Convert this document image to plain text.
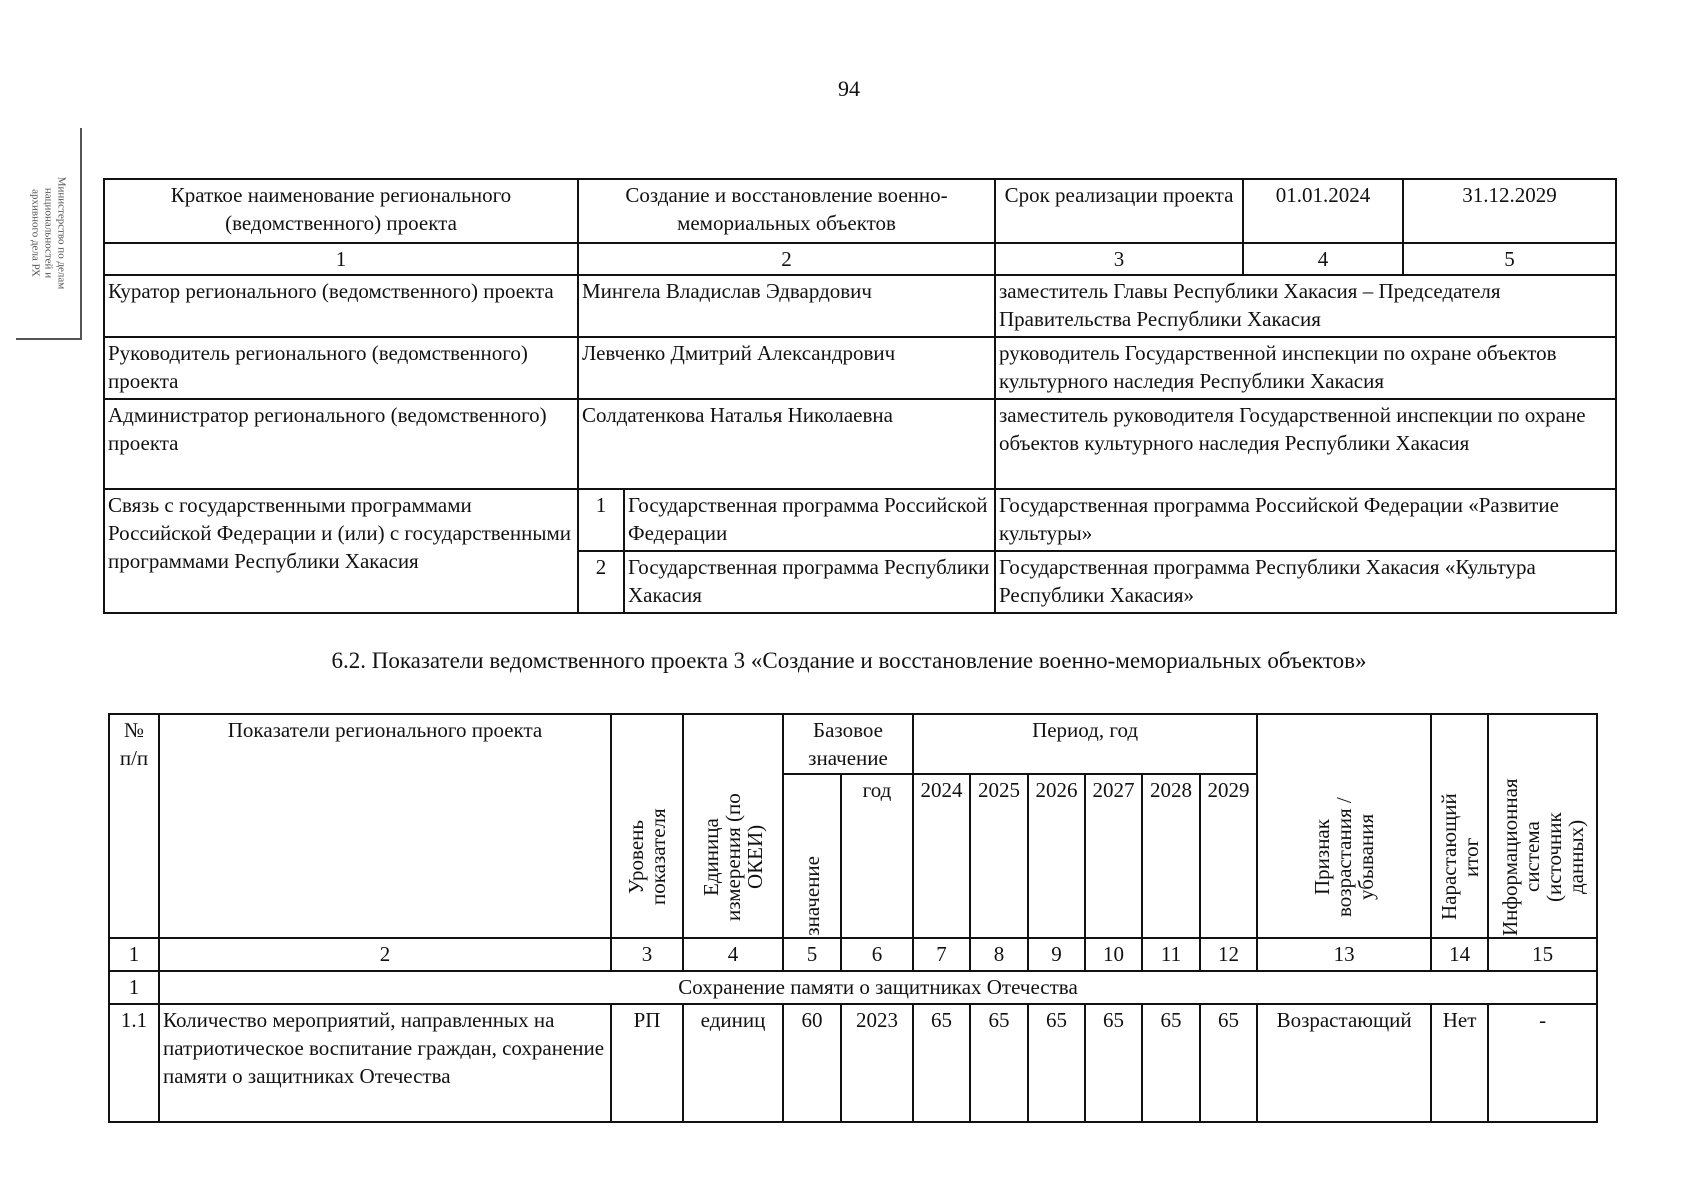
94
Министерство по делам
национальностей и
архивного дела РХ	Краткое наименование регионального (ведомственного) проекта	Создание и восстановление военно-мемориальных объектов		Срок реализации проекта	01.01.2024	31.12.2029
1	2		3	4	5
Куратор регионального (ведомственного) проекта	Мингела Владислав Эдвардович		заместитель Главы Республики Хакасия – Председателя Правительства Республики Хакасия		
Руководитель регионального (ведомственного) проекта	Левченко Дмитрий Александрович		руководитель Государственной инспекции по охране объектов культурного наследия Республики Хакасия		
Администратор регионального (ведомственного) проекта	Солдатенкова Наталья Николаевна		заместитель руководителя Государственной инспекции по охране объектов культурного наследия Республики Хакасия		
Связь с государственными программами Российской Федерации и (или) с государственными программами Республики Хакасия	1	Государственная программа Российской Федерации	Государственная программа Российской Федерации «Развитие культуры»		
	2	Государственная программа Республики Хакасия	Государственная программа Республики Хакасия «Культура Республики Хакасия»		
6.2. Показатели ведомственного проекта 3 «Создание и восстановление военно-мемориальных объектов»
№ п/п	Показатели регионального проекта	Уровень показателя	Единица измерения (по ОКЕИ)	Базовое значение		Период, год						Признак возрастания /убывания	Нарастающий итог	Информационная система (источник данных)

				значение	год	2024	2025	2026	2027	2028	2029			
1	2	3	4	5	6	7	8	9	10	11	12	13	14	15
1	Сохранение памяти о защитниках Отечества													
1.1	Количество мероприятий, направленных на патриотическое воспитание граждан, сохранение памяти о защитниках Отечества	РП	единиц	60	2023	65	65	65	65	65	65	Возрастающий	Нет	-
